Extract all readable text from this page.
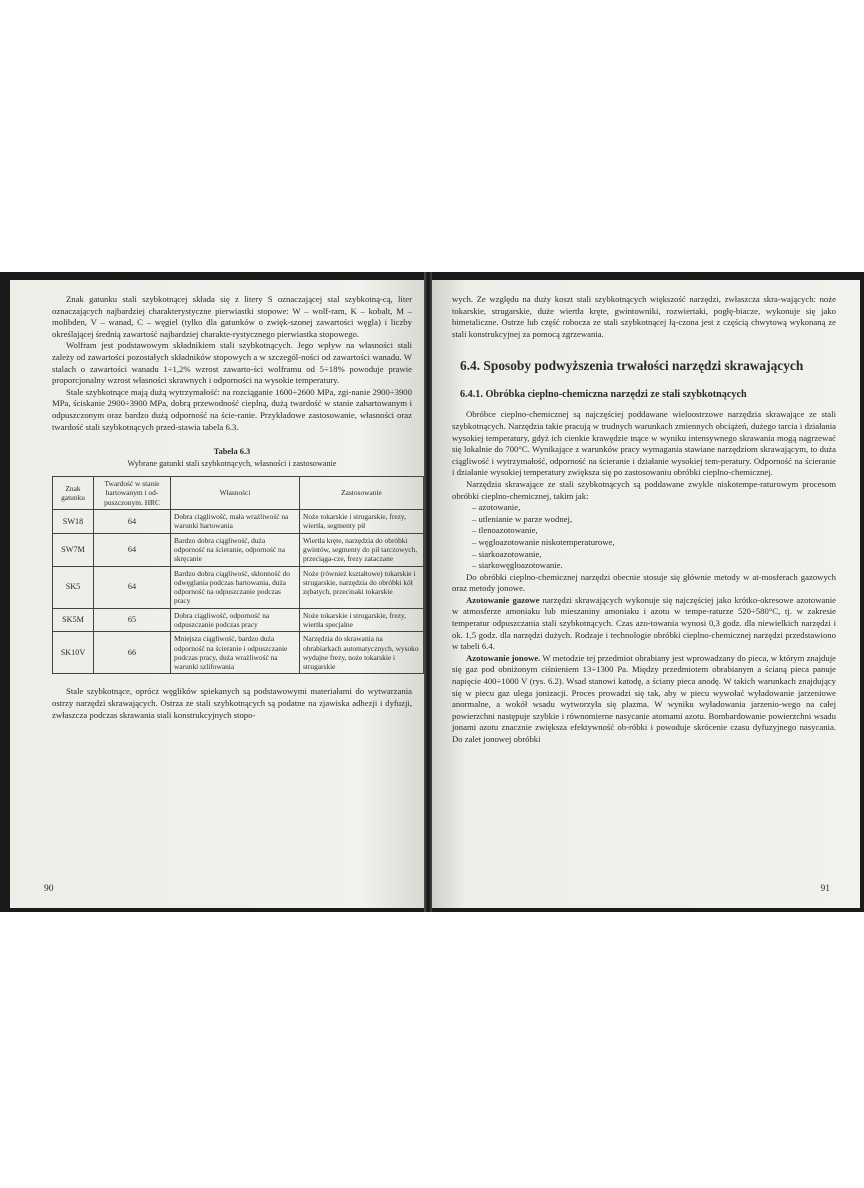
Znak gatunku stali szybkotnącej składa się z litery S oznaczającej stal szybkotną-cą, liter oznaczających najbardziej charakterystyczne pierwiastki stopowe: W – wolf-ram, K – kobalt, M – molibden, V – wanad, C – węgiel (tylko dla gatunków o zwięk-szonej zawartości węgla) i liczby określającej średnią zawartość najbardziej charakte-rystycznego pierwiastka stopowego.

Wolfram jest podstawowym składnikiem stali szybkotnących. Jego wpływ na własności stali zależy od zawartości pozostałych składników stopowych a w szczegól-ności od zawartości wanadu. W stalach o zawartości wanadu 1÷1,2% wzrost zawarto-ści wolframu od 5÷18% powoduje prawie proporcjonalny wzrost własności skrawnych i odporności na wysokie temperatury.

Stale szybkotnące mają dużą wytrzymałość: na rozciąganie 1600÷2600 MPa, zgi-nanie 2900÷3900 MPa, ściskanie 2900÷3900 MPa, dobrą przewodność cieplną, dużą twardość w stanie zahartowanym i odpuszczonym oraz bardzo dużą odporność na ście-ranie. Przykładowe zastosowanie, własności oraz twardość stali szybkotnących przed-stawia tabela 6.3.

Tabela 6.3
Wybrane gatunki stali szybkotnących, własności i zastosowanie
Znak gatunku	Twardość w stanie hartowanym i od-puszczonym. HRC	Własności	Zastosowanie
SW18	64	Dobra ciągliwość, mała wrażliwość na warunki hartowania	Noże tokarskie i strugarskie, frezy, wiertła, segmenty pił
SW7M	64	Bardzo dobra ciągliwość, duża odporność na ścieranie, odporność na skręcanie	Wiertła kręte, narzędzia do obróbki gwintów, segmenty do pił tarczowych, przeciąga-cze, frezy zataczane
SK5	64	Bardzo dobra ciągliwość, skłonność do odwęglania podczas hartowania, duża odporność na odpuszczanie podczas pracy	Noże (również kształtowe) tokarskie i strugarskie, narzędzia do obróbki kół zębatych, przecinaki tokarskie
SK5M	65	Dobra ciągliwość, odporność na odpuszczanie podczas pracy	Noże tokarskie i strugarskie, frezy, wiertła specjalne
SK10V	66	Mniejsza ciągliwość, bardzo duża odporność na ścieranie i odpuszczanie podczas pracy, duża wrażliwość na warunki szlifowania	Narzędzia do skrawania na obrabiarkach automatycznych, wysoko wydajne frezy, noże tokarskie i strugarskie

Stale szybkotnące, oprócz węglików spiekanych są podstawowymi materiałami do wytwarzania ostrzy narzędzi skrawających. Ostrza ze stali szybkotnących są podatne na zjawiska adhezji i dyfuzji, zwłaszcza podczas skrawania stali konstrukcyjnych stopo-

90

wych. Ze względu na duży koszt stali szybkotnących większość narzędzi, zwłaszcza skra-wających: noże tokarskie, strugarskie, duże wiertła kręte, gwintowniki, rozwiertaki, pogłę-biacze, wykonuje się jako bimetaliczne. Ostrze lub część robocza ze stali szybkotnącej łą-czona jest z częścią chwytową wykonaną ze stali konstrukcyjnej za pomocą zgrzewania.

6.4. Sposoby podwyższenia trwałości narzędzi skrawających
6.4.1. Obróbka cieplno-chemiczna narzędzi ze stali szybkotnących

Obróbce cieplno-chemicznej są najczęściej poddawane wieloostrzowe narzędzia skrawające ze stali szybkotnących. Narzędzia takie pracują w trudnych warunkach zmiennych obciążeń, dużego tarcia i działania wysokiej temperatury, gdyż ich cienkie krawędzie tnące w wyniku intensywnego skrawania mogą nagrzewać się lokalnie do 700°C. Wynikające z warunków pracy wymagania stawiane narzędziom skrawającym, to duża ciągliwość i wytrzymałość, odporność na ścieranie i działanie wysokiej tem-peratury. Odporność na ścieranie i działanie wysokiej temperatury zwiększa się po zastosowaniu obróbki cieplno-chemicznej.

Narzędzia skrawające ze stali szybkotnących są poddawane zwykle niskotempe-raturowym procesom obróbki cieplno-chemicznej, takim jak:

– azotowanie,
– utlenianie w parze wodnej,
– tlenoazotowanie,
– węgloazotowanie niskotemperaturowe,
– siarkoazotowanie,
– siarkowęgloazotowanie.

Do obróbki cieplno-chemicznej narzędzi obecnie stosuje się głównie metody w at-mosferach gazowych oraz metody jonowe.

Azotowanie gazowe narzędzi skrawających wykonuje się najczęściej jako krótko-okresowe azotowanie w atmosferze amoniaku lub mieszaniny amoniaku i azotu w tempe-raturze 520÷580°C, tj. w zakresie temperatur odpuszczania stali szybkotnących. Czas azo-towania wynosi 0,3 godz. dla niewielkich narzędzi i ok. 1,5 godz. dla narzędzi dużych. Rodzaje i technologie obróbki cieplno-chemicznej narzędzi przedstawiono w tabeli 6.4.

Azotowanie jonowe. W metodzie tej przedmiot obrabiany jest wprowadzany do pieca, w którym znajduje się gaz pod obniżonym ciśnieniem 13÷1300 Pa. Między przedmiotem obrabianym a ścianą pieca panuje napięcie 400÷1000 V (rys. 6.2). Wsad stanowi katodę, a ściany pieca anodę. W takich warunkach znajdujący się w piecu gaz ulega jonizacji. Proces prowadzi się tak, aby w piecu wywołać wyładowanie jarzeniowe anormalne, a wokół wsadu wytworzyła się plazma. W wyniku wyładowania jarzenio-wego na całej powierzchni następuje szybkie i równomierne nasycanie atomami azotu. Bombardowanie powierzchni wsadu jonami azotu znacznie zwiększa efektywność ob-róbki i powoduje skrócenie czasu dyfuzyjnego nasycania. Do zalet jonowej obróbki

91
